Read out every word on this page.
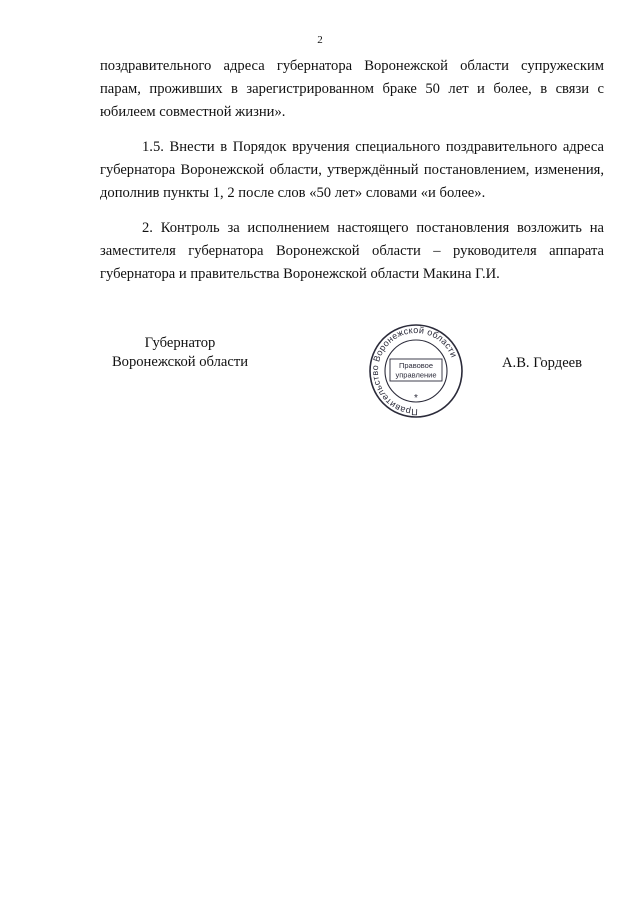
2

поздравительного адреса губернатора Воронежской области супружеским парам, проживших в зарегистрированном браке 50 лет и более, в связи с юбилеем совместной жизни».

1.5. Внести в Порядок вручения специального поздравительного адреса губернатора Воронежской области, утверждённый постановлением, изменения, дополнив пункты 1, 2 после слов «50 лет» словами «и более».

2. Контроль за исполнением настоящего постановления возложить на заместителя губернатора Воронежской области – руководителя аппарата губернатора и правительства Воронежской области Макина Г.И.

Губернатор
Воронежской области
Правительство Воронежской области
Правовое
управление
*
А.В. Гордеев
